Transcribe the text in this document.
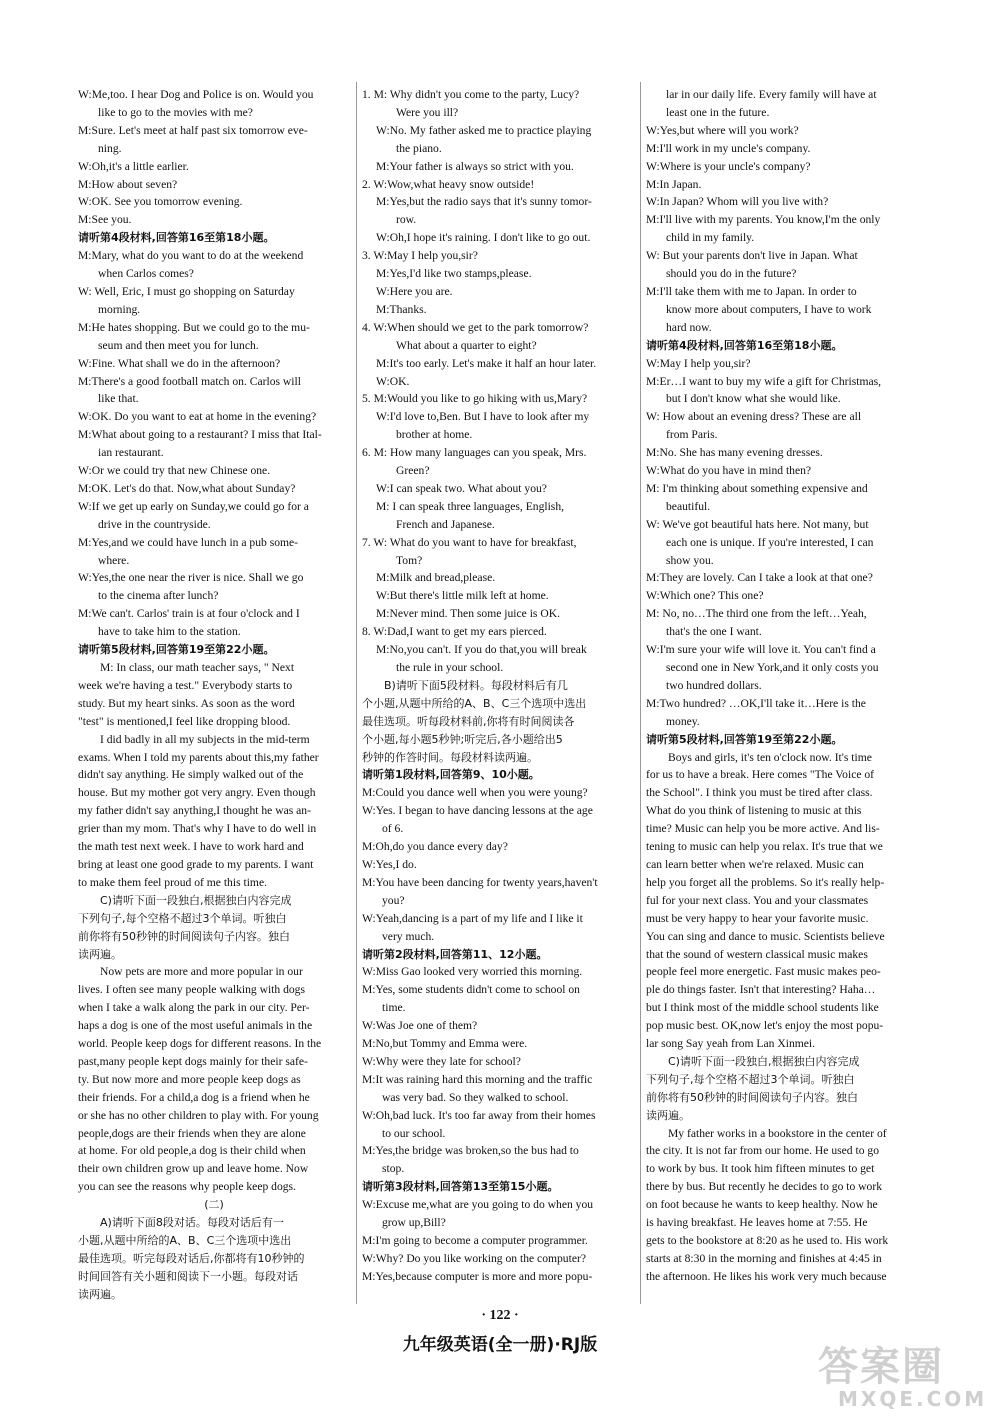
W:Me,too. I hear Dog and Police is on. Would you
like to go to the movies with me?
M:Sure. Let's meet at half past six tomorrow eve-
ning.
W:Oh,it's a little earlier.
M:How about seven?
W:OK. See you tomorrow evening.
M:See you.
请听第4段材料,回答第16至第18小题。
M:Mary, what do you want to do at the weekend
when Carlos comes?
W: Well, Eric, I must go shopping on Saturday
morning.
M:He hates shopping. But we could go to the mu-
seum and then meet you for lunch.
W:Fine. What shall we do in the afternoon?
M:There's a good football match on. Carlos will
like that.
W:OK. Do you want to eat at home in the evening?
M:What about going to a restaurant? I miss that Ital-
ian restaurant.
W:Or we could try that new Chinese one.
M:OK. Let's do that. Now,what about Sunday?
W:If we get up early on Sunday,we could go for a
drive in the countryside.
M:Yes,and we could have lunch in a pub some-
where.
W:Yes,the one near the river is nice. Shall we go
to the cinema after lunch?
M:We can't. Carlos' train is at four o'clock and I
have to take him to the station.
请听第5段材料,回答第19至第22小题。
M: In class, our math teacher says, " Next
week we're having a test." Everybody starts to
study. But my heart sinks. As soon as the word
"test" is mentioned,I feel like dropping blood.
I did badly in all my subjects in the mid-term
exams. When I told my parents about this,my father
didn't say anything. He simply walked out of the
house. But my mother got very angry. Even though
my father didn't say anything,I thought he was an-
grier than my mom. That's why I have to do well in
the math test next week. I have to work hard and
bring at least one good grade to my parents. I want
to make them feel proud of me this time.
C)请听下面一段独白,根据独白内容完成
下列句子,每个空格不超过3个单词。听独白
前你将有50秒钟的时间阅读句子内容。独白
读两遍。
Now pets are more and more popular in our
lives. I often see many people walking with dogs
when I take a walk along the park in our city. Per-
haps a dog is one of the most useful animals in the
world. People keep dogs for different reasons. In the
past,many people kept dogs mainly for their safe-
ty. But now more and more people keep dogs as
their friends. For a child,a dog is a friend when he
or she has no other children to play with. For young
people,dogs are their friends when they are alone
at home. For old people,a dog is their child when
their own children grow up and leave home. Now
you can see the reasons why people keep dogs.
(二)
A)请听下面8段对话。每段对话后有一
小题,从题中所给的A、B、C三个选项中选出
最佳选项。听完每段对话后,你都将有10秒钟的
时间回答有关小题和阅读下一小题。每段对话
读两遍。
1. M: Why didn't you come to the party, Lucy?
Were you ill?
W:No. My father asked me to practice playing
the piano.
M:Your father is always so strict with you.
2. W:Wow,what heavy snow outside!
M:Yes,but the radio says that it's sunny tomor-
row.
W:Oh,I hope it's raining. I don't like to go out.
3. W:May I help you,sir?
M:Yes,I'd like two stamps,please.
W:Here you are.
M:Thanks.
4. W:When should we get to the park tomorrow?
What about a quarter to eight?
M:It's too early. Let's make it half an hour later.
W:OK.
5. M:Would you like to go hiking with us,Mary?
W:I'd love to,Ben. But I have to look after my
brother at home.
6. M: How many languages can you speak, Mrs.
Green?
W:I can speak two. What about you?
M: I can speak three languages, English,
French and Japanese.
7. W: What do you want to have for breakfast,
Tom?
M:Milk and bread,please.
W:But there's little milk left at home.
M:Never mind. Then some juice is OK.
8. W:Dad,I want to get my ears pierced.
M:No,you can't. If you do that,you will break
the rule in your school.
B)请听下面5段材料。每段材料后有几
个小题,从题中所给的A、B、C三个选项中选出
最佳选项。听每段材料前,你将有时间阅读各
个小题,每小题5秒钟;听完后,各小题给出5
秒钟的作答时间。每段材料读两遍。
请听第1段材料,回答第9、10小题。
M:Could you dance well when you were young?
W:Yes. I began to have dancing lessons at the age
of 6.
M:Oh,do you dance every day?
W:Yes,I do.
M:You have been dancing for twenty years,haven't
you?
W:Yeah,dancing is a part of my life and I like it
very much.
请听第2段材料,回答第11、12小题。
W:Miss Gao looked very worried this morning.
M:Yes, some students didn't come to school on
time.
W:Was Joe one of them?
M:No,but Tommy and Emma were.
W:Why were they late for school?
M:It was raining hard this morning and the traffic
was very bad. So they walked to school.
W:Oh,bad luck. It's too far away from their homes
to our school.
M:Yes,the bridge was broken,so the bus had to
stop.
请听第3段材料,回答第13至第15小题。
W:Excuse me,what are you going to do when you
grow up,Bill?
M:I'm going to become a computer programmer.
W:Why? Do you like working on the computer?
M:Yes,because computer is more and more popu-
lar in our daily life. Every family will have at
least one in the future.
W:Yes,but where will you work?
M:I'll work in my uncle's company.
W:Where is your uncle's company?
M:In Japan.
W:In Japan? Whom will you live with?
M:I'll live with my parents. You know,I'm the only
child in my family.
W: But your parents don't live in Japan. What
should you do in the future?
M:I'll take them with me to Japan. In order to
know more about computers, I have to work
hard now.
请听第4段材料,回答第16至第18小题。
W:May I help you,sir?
M:Er…I want to buy my wife a gift for Christmas,
but I don't know what she would like.
W: How about an evening dress? These are all
from Paris.
M:No. She has many evening dresses.
W:What do you have in mind then?
M: I'm thinking about something expensive and
beautiful.
W: We've got beautiful hats here. Not many, but
each one is unique. If you're interested, I can
show you.
M:They are lovely. Can I take a look at that one?
W:Which one? This one?
M: No, no…The third one from the left…Yeah,
that's the one I want.
W:I'm sure your wife will love it. You can't find a
second one in New York,and it only costs you
two hundred dollars.
M:Two hundred? …OK,I'll take it…Here is the
money.
请听第5段材料,回答第19至第22小题。
Boys and girls, it's ten o'clock now. It's time
for us to have a break. Here comes "The Voice of
the School". I think you must be tired after class.
What do you think of listening to music at this
time? Music can help you be more active. And lis-
tening to music can help you relax. It's true that we
can learn better when we're relaxed. Music can
help you forget all the problems. So it's really help-
ful for your next class. You and your classmates
must be very happy to hear your favorite music.
You can sing and dance to music. Scientists believe
that the sound of western classical music makes
people feel more energetic. Fast music makes peo-
ple do things faster. Isn't that interesting? Haha…
but I think most of the middle school students like
pop music best. OK,now let's enjoy the most popu-
lar song Say yeah from Lan Xinmei.
C)请听下面一段独白,根据独白内容完成
下列句子,每个空格不超过3个单词。听独白
前你将有50秒钟的时间阅读句子内容。独白
读两遍。
My father works in a bookstore in the center of
the city. It is not far from our home. He used to go
to work by bus. It took him fifteen minutes to get
there by bus. But recently he decides to go to work
on foot because he wants to keep healthy. Now he
is having breakfast. He leaves home at 7:55. He
gets to the bookstore at 8:20 as he used to. His work
starts at 8:30 in the morning and finishes at 4:45 in
the afternoon. He likes his work very much because
· 122 ·
九年级英语(全一册)·RJ版	答案圈
MXQE.COM
